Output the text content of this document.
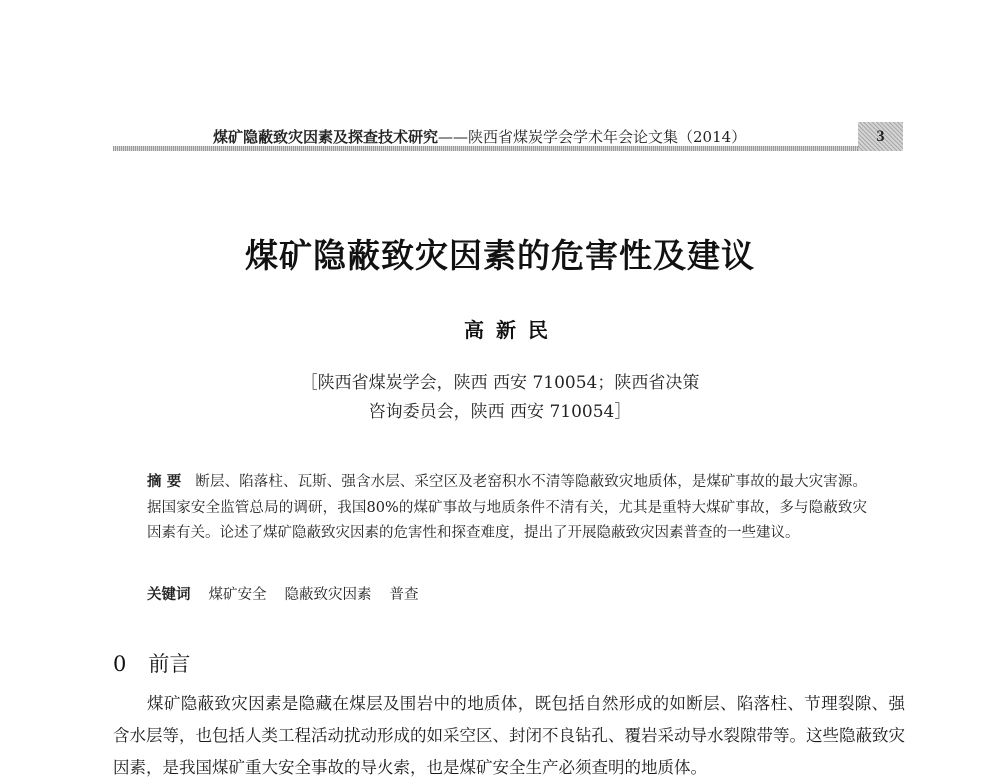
煤矿隐蔽致灾因素及探查技术研究——陕西省煤炭学会学术年会论文集（2014）	3
煤矿隐蔽致灾因素的危害性及建议
高新民
［陕西省煤炭学会，陕西 西安 710054；陕西省决策
咨询委员会，陕西 西安 710054］
摘 要 断层、陷落柱、瓦斯、强含水层、采空区及老窑积水不清等隐蔽致灾地质体，是煤矿事故的最大灾害源。据国家安全监管总局的调研，我国80%的煤矿事故与地质条件不清有关，尤其是重特大煤矿事故，多与隐蔽致灾因素有关。论述了煤矿隐蔽致灾因素的危害性和探查难度，提出了开展隐蔽致灾因素普查的一些建议。
关键词 煤矿安全 隐蔽致灾因素 普查
0 前言
煤矿隐蔽致灾因素是隐藏在煤层及围岩中的地质体，既包括自然形成的如断层、陷落柱、节理裂隙、强含水层等，也包括人类工程活动扰动形成的如采空区、封闭不良钻孔、覆岩采动导水裂隙带等。这些隐蔽致灾因素，是我国煤矿重大安全事故的导火索，也是煤矿安全生产必须查明的地质体。
